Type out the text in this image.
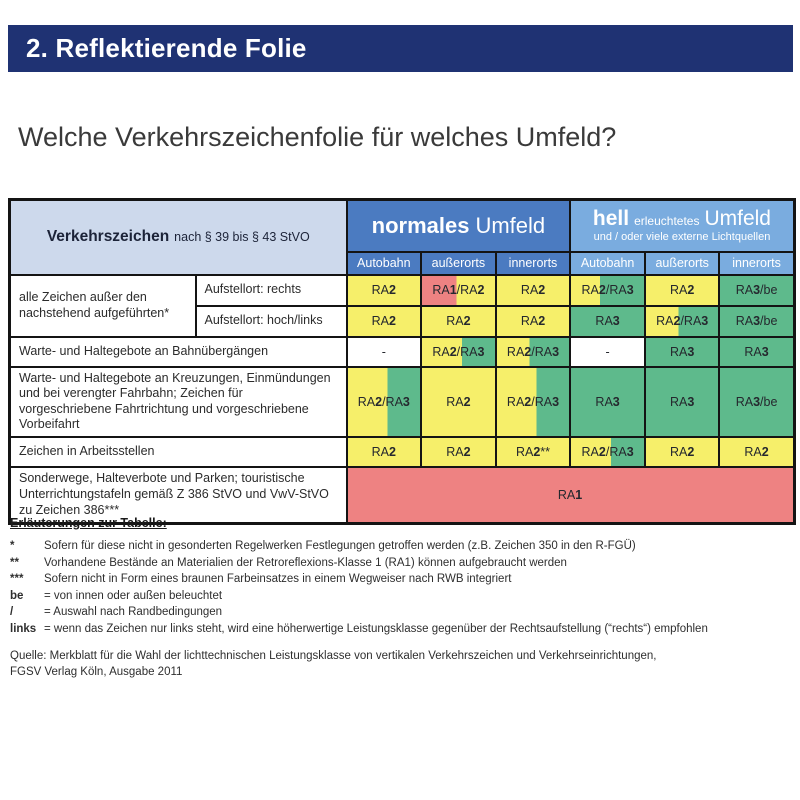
2. Reflektierende Folie
Welche Verkehrszeichenfolie für welches Umfeld?
Verkehrszeichen nach § 39 bis § 43 StVO		normales Umfeld			hell erleuchtetes Umfeld
und / oder viele externe Lichtquellen		

		Autobahn	außerorts	innerorts	Autobahn	außerorts	innerorts
alle Zeichen außer den nachstehend aufgeführten*	Aufstellort: rechts	RA2	RA1/RA2	RA2	RA2/RA3	RA2	RA3/be
	Aufstellort: hoch/links	RA2	RA2	RA2	RA3	RA2/RA3	RA3/be
Warte- und Haltegebote an Bahnübergängen		-	RA2/RA3	RA2/RA3	-	RA3	RA3
Warte- und Haltegebote an Kreuzungen, Einmündungen und bei verengter Fahrbahn; Zeichen für vorgeschriebene Fahrtrichtung und vorgeschriebene Vorbeifahrt		RA2/RA3	RA2	RA2/RA3	RA3	RA3	RA3/be
Zeichen in Arbeitsstellen		RA2	RA2	RA2**	RA2/RA3	RA2	RA2
Sonderwege, Halteverbote und Parken; touristische Unterrichtungstafeln gemäß Z 386 StVO und VwV-StVO zu Zeichen 386***		RA1					
Erläuterungen zur Tabelle:
*	Sofern für diese nicht in gesonderten Regelwerken Festlegungen getroffen werden (z.B. Zeichen 350 in den R-FGÜ)
**	Vorhandene Bestände an Materialien der Retroreflexions-Klasse 1 (RA1) können aufgebraucht werden
***	Sofern nicht in Form eines braunen Farbeinsatzes in einem Wegweiser nach RWB integriert
be	= von innen oder außen beleuchtet
/	= Auswahl nach Randbedingungen
links = wenn das Zeichen nur links steht, wird eine höherwertige Leistungsklasse gegenüber der Rechtsaufstellung (“rechts“) empfohlen
Quelle: Merkblatt für die Wahl der lichttechnischen Leistungsklasse von vertikalen Verkehrszeichen und Verkehrseinrichtungen,
FGSV Verlag Köln, Ausgabe 2011
